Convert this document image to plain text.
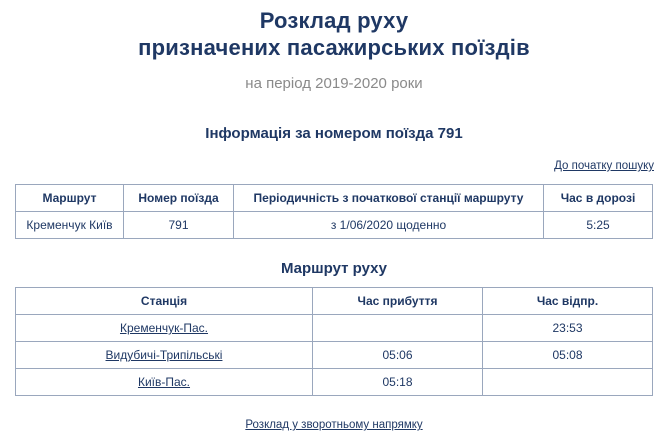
Розклад руху
призначених пасажирських поїздів
на період 2019-2020 роки
Інформація за номером поїзда 791
До початку пошуку
Маршрут	Номер поїзда	Періодичність з початкової станції маршруту	Час в дорозі
Кременчук Київ	791	з 1/06/2020 щоденно	5:25
Маршрут руху
Станція	Час прибуття	Час відпр.
Кременчук-Пас.		23:53
Видубичі-Трипільські	05:06	05:08
Київ-Пас.	05:18	
Розклад у зворотньому напрямку
